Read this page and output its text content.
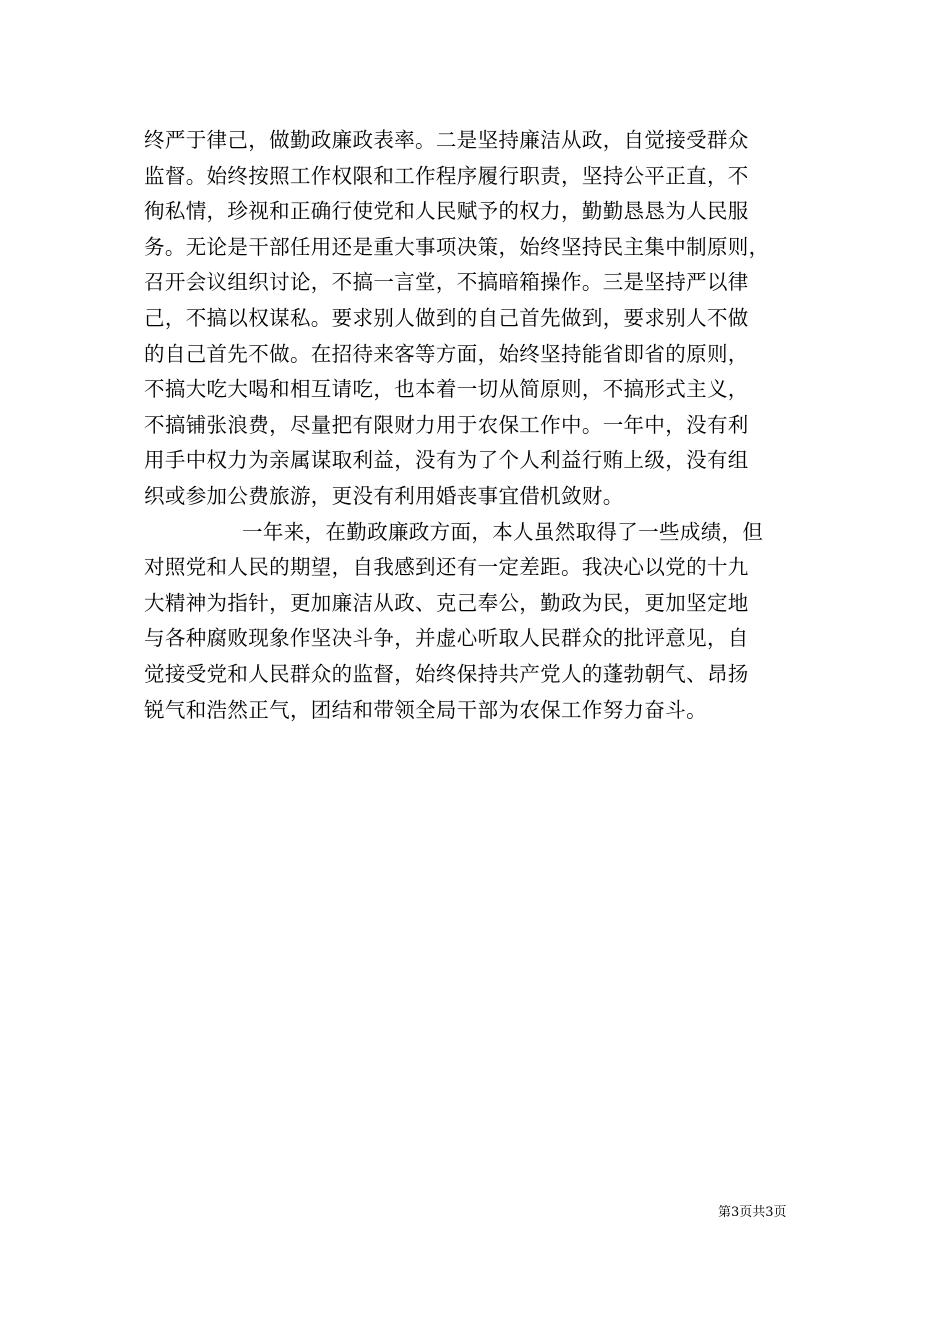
终严于律己，做勤政廉政表率。二是坚持廉洁从政，自觉接受群众
监督。始终按照工作权限和工作程序履行职责，坚持公平正直，不
徇私情，珍视和正确行使党和人民赋予的权力，勤勤恳恳为人民服
务。无论是干部任用还是重大事项决策，始终坚持民主集中制原则，
召开会议组织讨论，不搞一言堂，不搞暗箱操作。三是坚持严以律
己，不搞以权谋私。要求别人做到的自己首先做到，要求别人不做
的自己首先不做。在招待来客等方面，始终坚持能省即省的原则，
不搞大吃大喝和相互请吃，也本着一切从简原则，不搞形式主义，
不搞铺张浪费，尽量把有限财力用于农保工作中。一年中，没有利
用手中权力为亲属谋取利益，没有为了个人利益行贿上级，没有组
织或参加公费旅游，更没有利用婚丧事宜借机敛财。
一年来，在勤政廉政方面，本人虽然取得了一些成绩，但
对照党和人民的期望，自我感到还有一定差距。我决心以党的十九
大精神为指针，更加廉洁从政、克己奉公，勤政为民，更加坚定地
与各种腐败现象作坚决斗争，并虚心听取人民群众的批评意见，自
觉接受党和人民群众的监督，始终保持共产党人的蓬勃朝气、昂扬
锐气和浩然正气，团结和带领全局干部为农保工作努力奋斗。
第3页共3页
